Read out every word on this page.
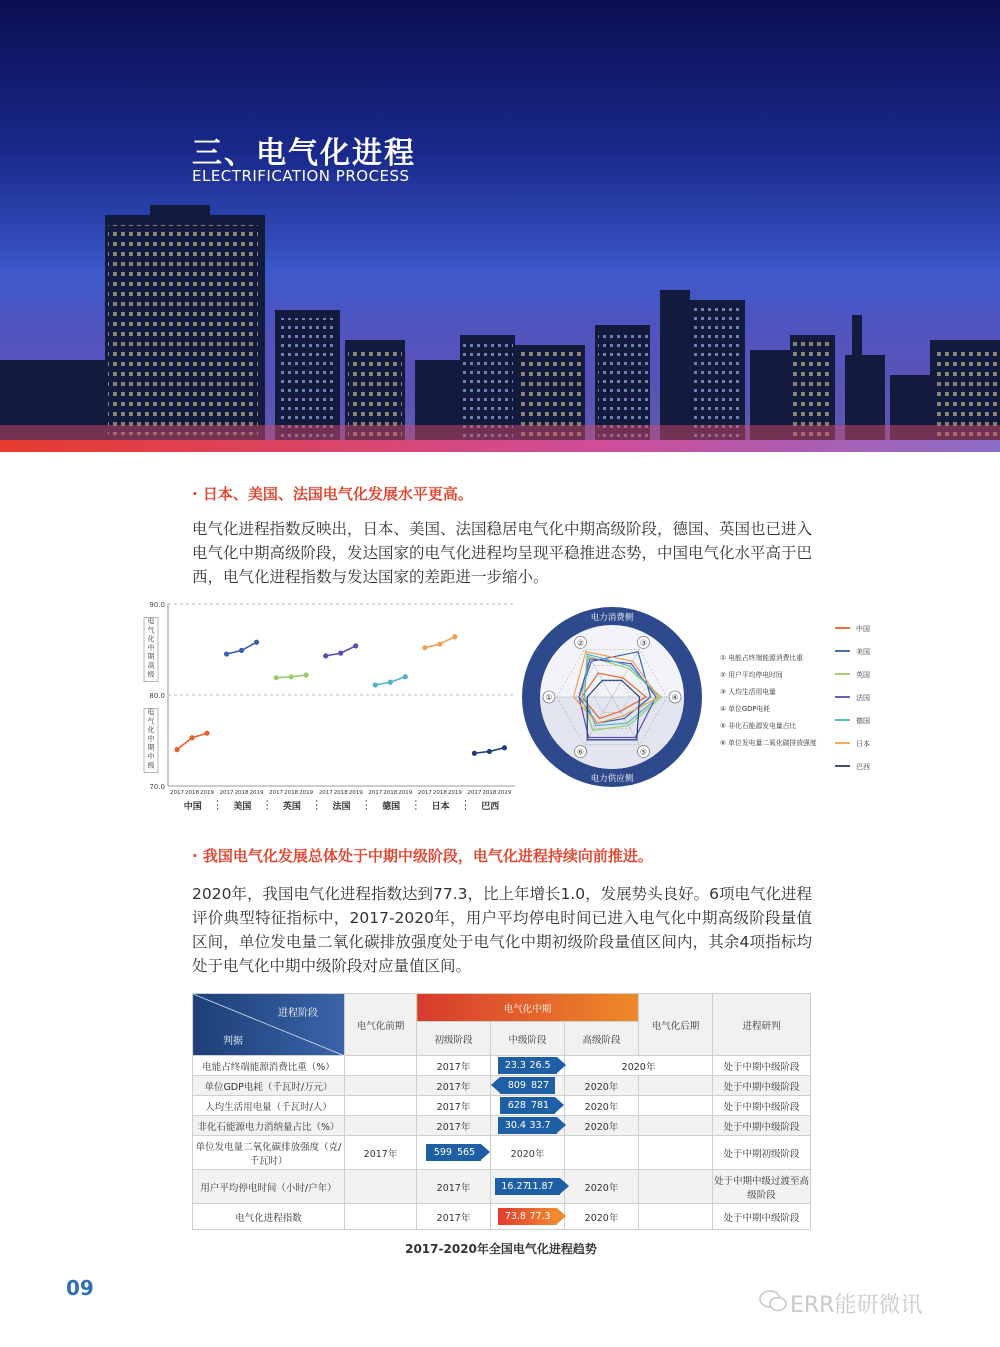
三、电气化进程
ELECTRIFICATION PROCESS
· 日本、美国、法国电气化发展水平更高。
电气化进程指数反映出，日本、美国、法国稳居电气化中期高级阶段，德国、英国也已进入电气化中期高级阶段，发达国家的电气化进程均呈现平稳推进态势，中国电气化水平高于巴西，电气化进程指数与发达国家的差距进一步缩小。
90.0
80.0
70.0
电
气
化
中
期
高
级
电
气
化
中
期
中
级
2017 2018 2019
中国
2017 2018 2019
美国
2017 2018 2019
英国
2017 2018 2019
法国
2017 2018 2019
德国
2017 2018 2019
日本
2017 2018 2019
巴西
电力消费侧
电力供应侧
①
②	③
④
⑤
⑥
① 电能占终端能源消费比重
② 用户平均停电时间
③ 人均生活用电量
④ 单位GDP电耗
⑤ 非化石能源发电量占比
⑥ 单位发电量二氧化碳排放强度
中国
美国
英国
法国
德国
日本
巴西
· 我国电气化发展总体处于中期中级阶段，电气化进程持续向前推进。
2020年，我国电气化进程指数达到77.3，比上年增长1.0，发展势头良好。6项电气化进程评价典型特征指标中，2017-2020年，用户平均停电时间已进入电气化中期高级阶段量值区间，单位发电量二氧化碳排放强度处于电气化中期初级阶段量值区间内，其余4项指标均处于电气化中期中级阶段对应量值区间。
进程阶段
判据	电气化前期	电气化中期			电气化后期	进程研判
		初级阶段	中级阶段	高级阶段		
电能占终端能源消费比重（%）		2017年	23.3 26.5	2020年		处于中期中级阶段
单位GDP电耗（千瓦时/万元）		2017年	809 827	2020年		处于中期中级阶段
人均生活用电量（千瓦时/人）		2017年	628 781	2020年		处于中期中级阶段
非化石能源电力消纳量占比（%）		2017年	30.4 33.7	2020年		处于中期中级阶段
单位发电量二氧化碳排放强度（克/千瓦时）	2017年	599 565	2020年			处于中期初级阶段
用户平均停电时间（小时/户年）		2017年	16.27 11.87	2020年		处于中期中级过渡至高级阶段
电气化进程指数		2017年	73.8 77.3	2020年		处于中期中级阶段
2017-2020年全国电气化进程趋势
09
ERR能研微讯
